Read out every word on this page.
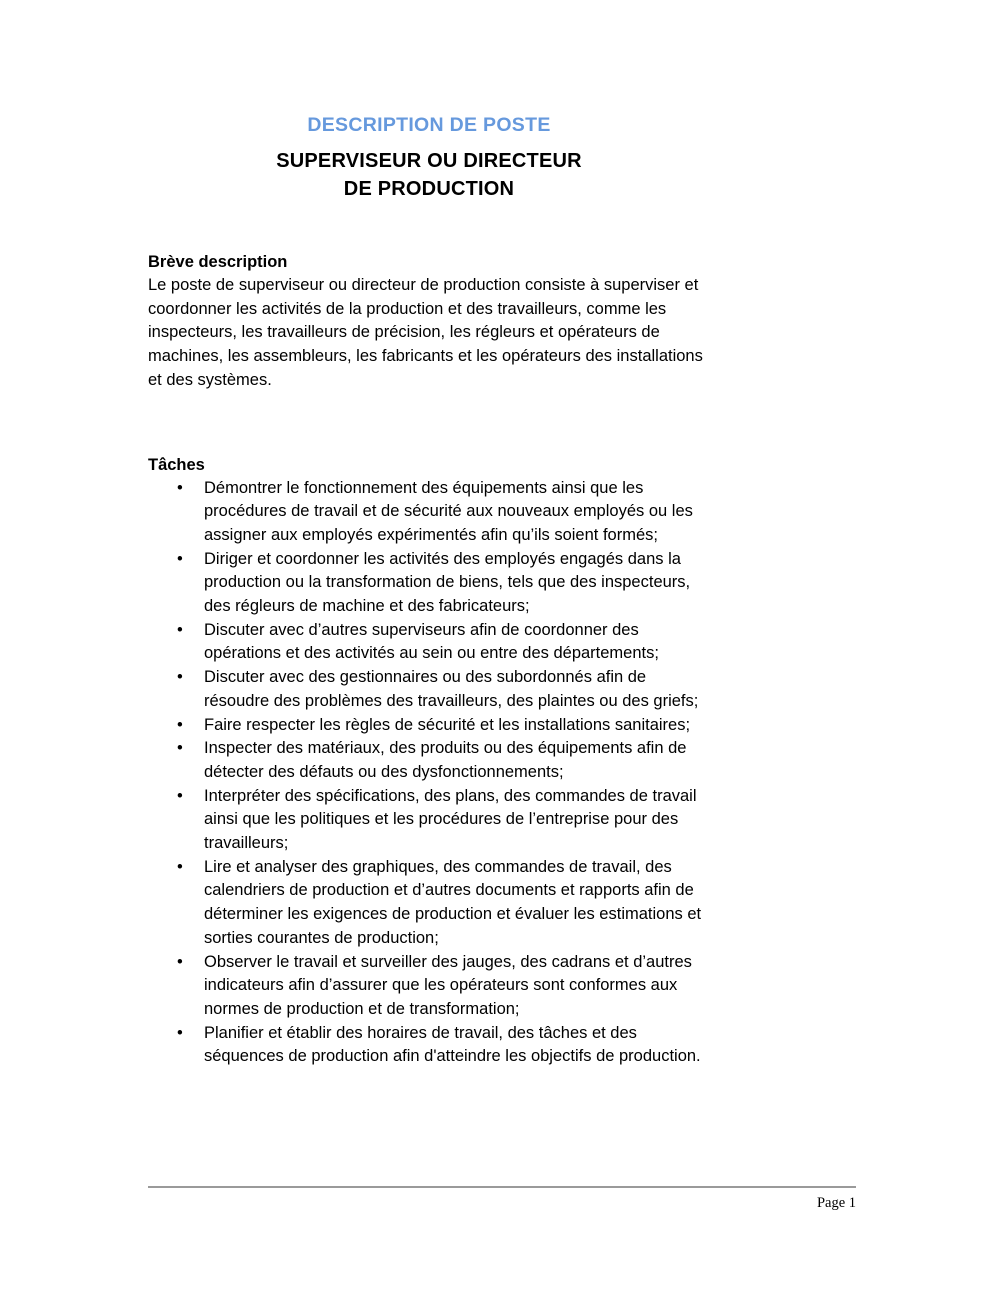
DESCRIPTION DE POSTE

SUPERVISEUR OU DIRECTEUR
DE PRODUCTION
Brève description

Le poste de superviseur ou directeur de production consiste à superviser et coordonner les activités de la production et des travailleurs, comme les inspecteurs, les travailleurs de précision, les régleurs et opérateurs de machines, les assembleurs, les fabricants et les opérateurs des installations et des systèmes.

Tâches
• Démontrer le fonctionnement des équipements ainsi que les procédures de travail et de sécurité aux nouveaux employés ou les assigner aux employés expérimentés afin qu’ils soient formés;
• Diriger et coordonner les activités des employés engagés dans la production ou la transformation de biens, tels que des inspecteurs, des régleurs de machine et des fabricateurs;
• Discuter avec d’autres superviseurs afin de coordonner des opérations et des activités au sein ou entre des départements;
• Discuter avec des gestionnaires ou des subordonnés afin de résoudre des problèmes des travailleurs, des plaintes ou des griefs;
• Faire respecter les règles de sécurité et les installations sanitaires;
• Inspecter des matériaux, des produits ou des équipements afin de détecter des défauts ou des dysfonctionnements;
• Interpréter des spécifications, des plans, des commandes de travail ainsi que les politiques et les procédures de l’entreprise pour des travailleurs;
• Lire et analyser des graphiques, des commandes de travail, des calendriers de production et d’autres documents et rapports afin de déterminer les exigences de production et évaluer les estimations et sorties courantes de production;
• Observer le travail et surveiller des jauges, des cadrans et d’autres indicateurs afin d’assurer que les opérateurs sont conformes aux normes de production et de transformation;
• Planifier et établir des horaires de travail, des tâches et des séquences de production afin d'atteindre les objectifs de production.

Page 1
